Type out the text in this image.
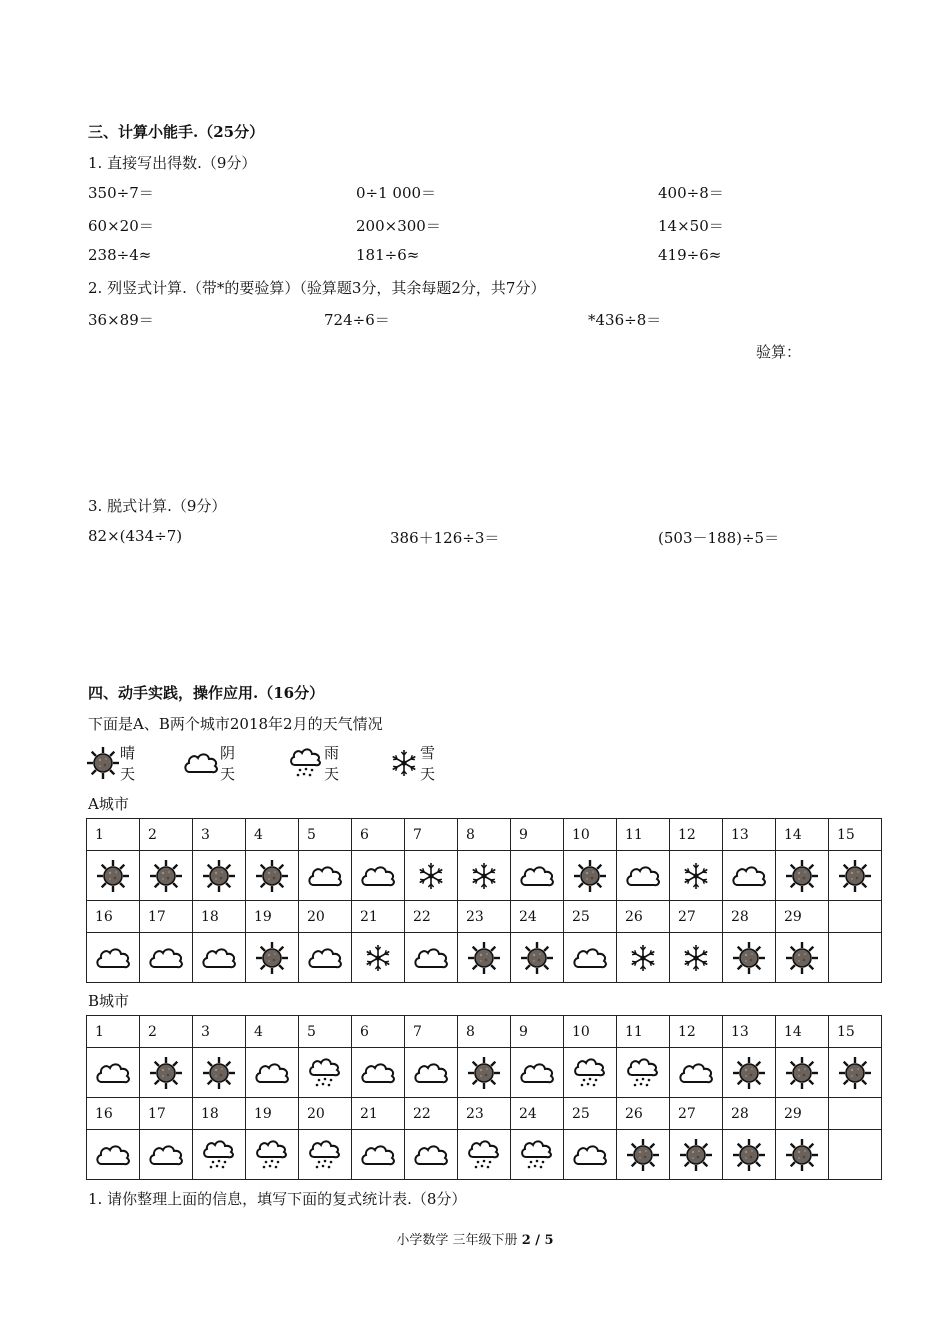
三、计算小能手.（25分）
1. 直接写出得数.（9分）
350÷7＝	0÷1 000＝	400÷8＝
60×20＝	200×300＝	14×50＝
238÷4≈	181÷6≈	419÷6≈
2. 列竖式计算.（带*的要验算）（验算题3分，其余每题2分，共7分）
36×89＝	724÷6＝	*436÷8＝
验算：
3. 脱式计算.（9分）
82×(434÷7)	386＋126÷3＝	(503－188)÷5＝
四、动手实践，操作应用.（16分）
下面是A、B两个城市2018年2月的天气情况
晴天
阴天
雨天
雪天
A城市
1	2	3	4	5	6	7	8	9	10	11	12	13	14	15

16	17	18	19	20	21	22	23	24	25	26	27	28	29	

B城市
1	2	3	4	5	6	7	8	9	10	11	12	13	14	15

16	17	18	19	20	21	22	23	24	25	26	27	28	29	

1. 请你整理上面的信息，填写下面的复式统计表.（8分）
小学数学 三年级下册 2 / 5
